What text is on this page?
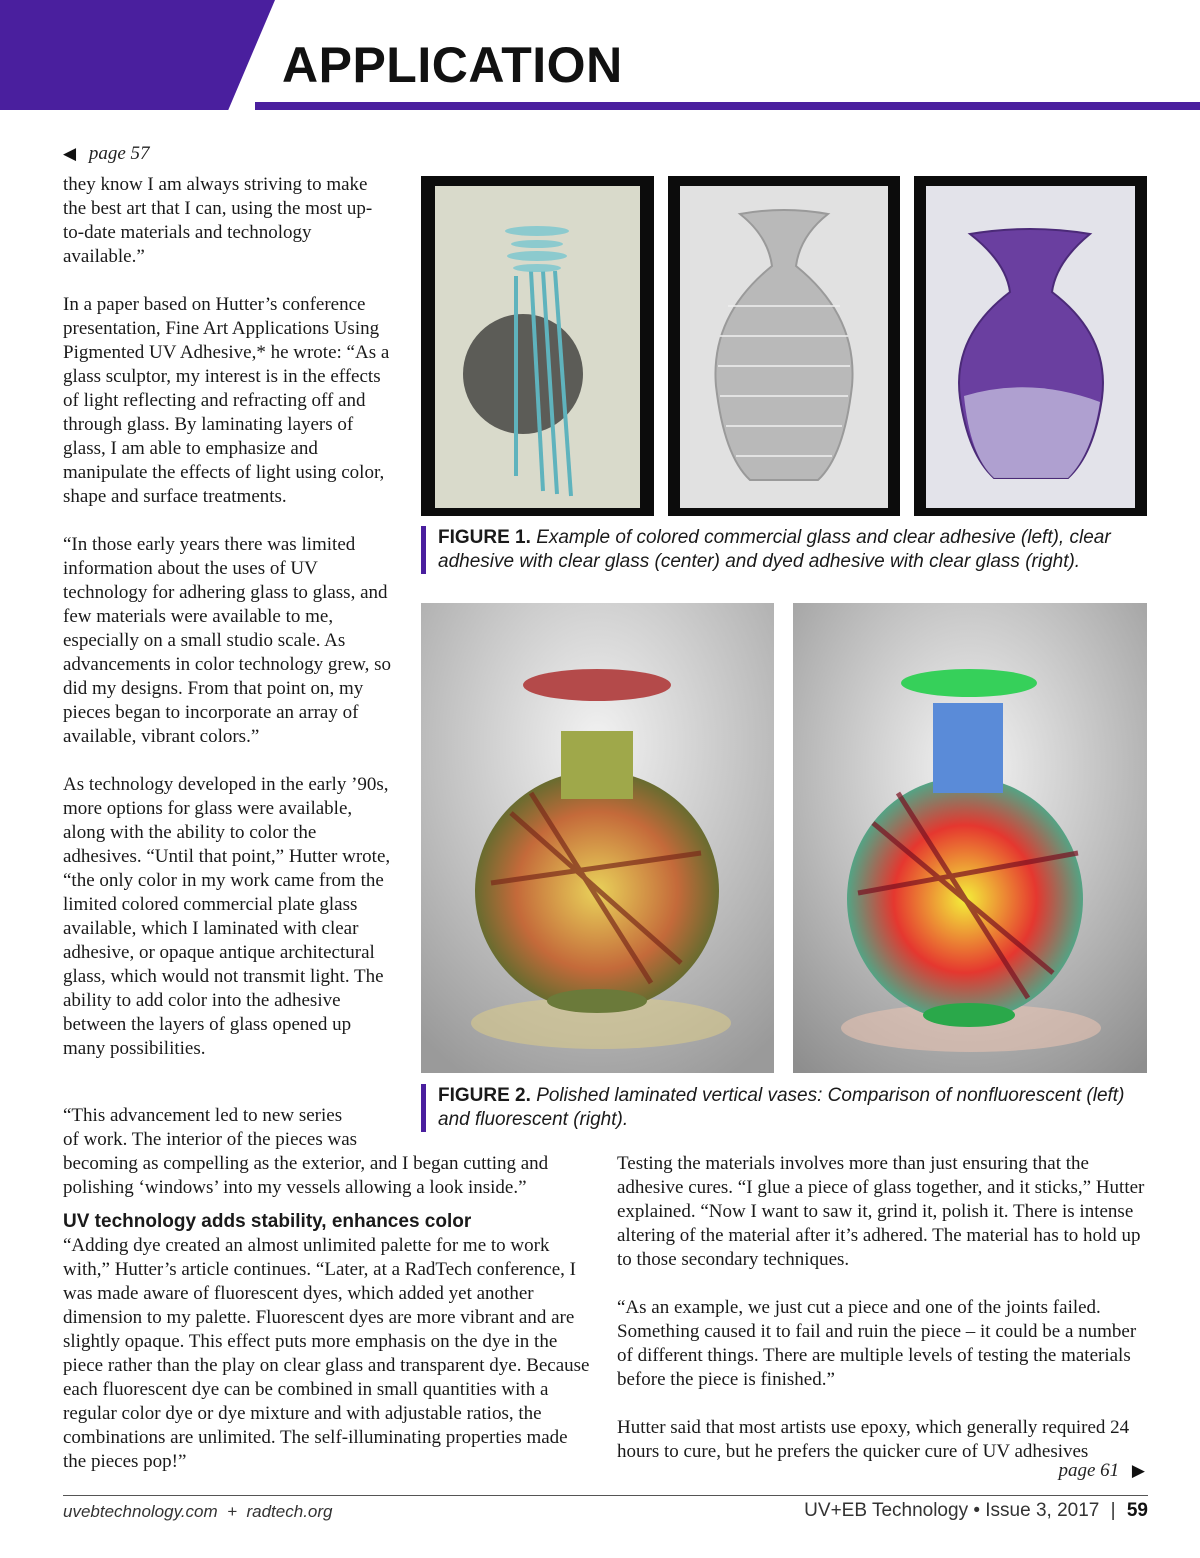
APPLICATION
◀ page 57

they know I am always striving to make the best art that I can, using the most up-to-date materials and technology available.”

In a paper based on Hutter’s conference presentation, Fine Art Applications Using Pigmented UV Adhesive,* he wrote: “As a glass sculptor, my interest is in the effects of light reflecting and refracting off and through glass. By laminating layers of glass, I am able to emphasize and manipulate the effects of light using color, shape and surface treatments.

“In those early years there was limited information about the uses of UV technology for adhering glass to glass, and few materials were available to me, especially on a small studio scale. As advancements in color technology grew, so did my designs. From that point on, my pieces began to incorporate an array of available, vibrant colors.”

As technology developed in the early ’90s, more options for glass were available, along with the ability to color the adhesives. “Until that point,” Hutter wrote, “the only color in my work came from the limited colored commercial plate glass available, which I laminated with clear adhesive, or opaque antique architectural glass, which would not transmit light. The ability to add color into the adhesive between the layers of glass opened up many possibilities.

“This advancement led to new series

of work. The interior of the pieces was

becoming as compelling as the exterior, and I began cutting and polishing ‘windows’ into my vessels allowing a look inside.”

UV technology adds stability, enhances color

“Adding dye created an almost unlimited palette for me to work with,” Hutter’s article continues. “Later, at a RadTech conference, I was made aware of fluorescent dyes, which added yet another dimension to my palette. Fluorescent dyes are more vibrant and are slightly opaque. This effect puts more emphasis on the dye in the piece rather than the play on clear glass and transparent dye. Because each fluorescent dye can be combined in small quantities with a regular color dye or dye mixture and with adjustable ratios, the combinations are unlimited. The self-illuminating properties made the pieces pop!”

Testing the materials involves more than just ensuring that the adhesive cures. “I glue a piece of glass together, and it sticks,” Hutter explained. “Now I want to saw it, grind it, polish it. There is intense altering of the material after it’s adhered. The material has to hold up to those secondary techniques.

“As an example, we just cut a piece and one of the joints failed. Something caused it to fail and ruin the piece – it could be a number of different things. There are multiple levels of testing the materials before the piece is finished.”

Hutter said that most artists use epoxy, which generally required 24 hours to cure, but he prefers the quicker cure of UV adhesives

page 61 ▶
FIGURE 1. Example of colored commercial glass and clear adhesive (left), clear adhesive with clear glass (center) and dyed adhesive with clear glass (right).
FIGURE 2. Polished laminated vertical vases: Comparison of nonfluorescent (left) and fluorescent (right).
uvebtechnology.com  +  radtech.org	UV+EB Technology • Issue 3, 2017 | 59
